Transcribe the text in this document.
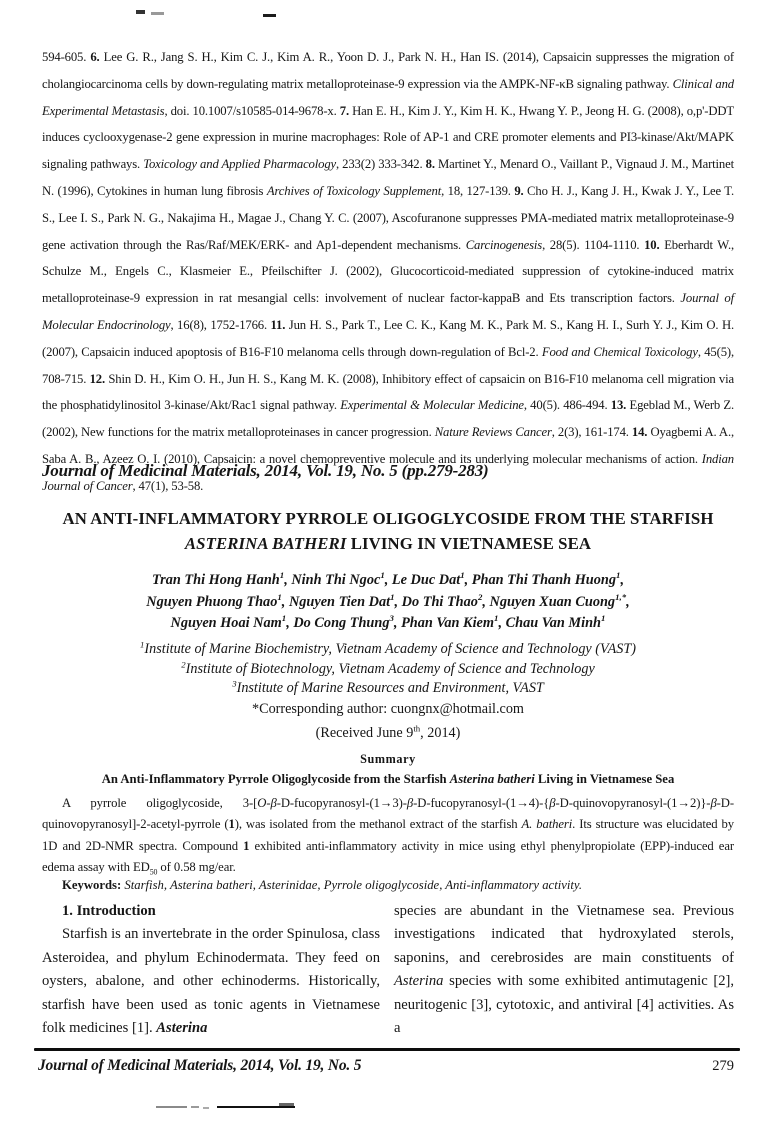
594-605. 6. Lee G. R., Jang S. H., Kim C. J., Kim A. R., Yoon D. J., Park N. H., Han IS. (2014), Capsaicin suppresses the migration of cholangiocarcinoma cells by down-regulating matrix metalloproteinase-9 expression via the AMPK-NF-κB signaling pathway. Clinical and Experimental Metastasis, doi. 10.1007/s10585-014-9678-x. 7. Han E. H., Kim J. Y., Kim H. K., Hwang Y. P., Jeong H. G. (2008), o,p'-DDT induces cyclooxygenase-2 gene expression in murine macrophages: Role of AP-1 and CRE promoter elements and PI3-kinase/Akt/MAPK signaling pathways. Toxicology and Applied Pharmacology, 233(2) 333-342. 8. Martinet Y., Menard O., Vaillant P., Vignaud J. M., Martinet N. (1996), Cytokines in human lung fibrosis Archives of Toxicology Supplement, 18, 127-139. 9. Cho H. J., Kang J. H., Kwak J. Y., Lee T. S., Lee I. S., Park N. G., Nakajima H., Magae J., Chang Y. C. (2007), Ascofuranone suppresses PMA-mediated matrix metalloproteinase-9 gene activation through the Ras/Raf/MEK/ERK- and Ap1-dependent mechanisms. Carcinogenesis, 28(5). 1104-1110. 10. Eberhardt W., Schulze M., Engels C., Klasmeier E., Pfeilschifter J. (2002), Glucocorticoid-mediated suppression of cytokine-induced matrix metalloproteinase-9 expression in rat mesangial cells: involvement of nuclear factor-kappaB and Ets transcription factors. Journal of Molecular Endocrinology, 16(8), 1752-1766. 11. Jun H. S., Park T., Lee C. K., Kang M. K., Park M. S., Kang H. I., Surh Y. J., Kim O. H. (2007), Capsaicin induced apoptosis of B16-F10 melanoma cells through down-regulation of Bcl-2. Food and Chemical Toxicology, 45(5), 708-715. 12. Shin D. H., Kim O. H., Jun H. S., Kang M. K. (2008), Inhibitory effect of capsaicin on B16-F10 melanoma cell migration via the phosphatidylinositol 3-kinase/Akt/Rac1 signal pathway. Experimental & Molecular Medicine, 40(5). 486-494. 13. Egeblad M., Werb Z. (2002), New functions for the matrix metalloproteinases in cancer progression. Nature Reviews Cancer, 2(3), 161-174. 14. Oyagbemi A. A., Saba A. B., Azeez O. I. (2010), Capsaicin: a novel chemopreventive molecule and its underlying molecular mechanisms of action. Indian Journal of Cancer, 47(1), 53-58.
Journal of Medicinal Materials, 2014, Vol. 19, No. 5 (pp.279-283)
AN ANTI-INFLAMMATORY PYRROLE OLIGOGLYCOSIDE FROM THE STARFISH ASTERINA BATHERI LIVING IN VIETNAMESE SEA
Tran Thi Hong Hanh$^1$, Ninh Thi Ngoc$^1$, Le Duc Dat$^1$, Phan Thi Thanh Huong$^1$,
Nguyen Phuong Thao$^1$, Nguyen Tien Dat$^1$, Do Thi Thao$^2$, Nguyen Xuan Cuong$^{1,*}$,
Nguyen Hoai Nam$^1$, Do Cong Thung$^3$, Phan Van Kiem$^1$, Chau Van Minh$^1$
$^1$Institute of Marine Biochemistry, Vietnam Academy of Science and Technology (VAST)
$^2$Institute of Biotechnology, Vietnam Academy of Science and Technology
$^3$Institute of Marine Resources and Environment, VAST
*Corresponding author: cuongnx@hotmail.com
(Received June 9th, 2014)
Summary
An Anti-Inflammatory Pyrrole Oligoglycoside from the Starfish Asterina batheri Living in Vietnamese Sea
A pyrrole oligoglycoside, 3-[O-β-D-fucopyranosyl-(1→3)-β-D-fucopyranosyl-(1→4)-{β-D-quinovopyranosyl-(1→2)}-β-D-quinovopyranosyl]-2-acetyl-pyrrole (1), was isolated from the methanol extract of the starfish A. batheri. Its structure was elucidated by 1D and 2D-NMR spectra. Compound 1 exhibited anti-inflammatory activity in mice using ethyl phenylpropiolate (EPP)-induced ear edema assay with $ED_{50}$ of 0.58 mg/ear.
Keywords: Starfish, Asterina batheri, Asterinidae, Pyrrole oligoglycoside, Anti-inflammatory activity.
1. Introduction

Starfish is an invertebrate in the order Spinulosa, class Asteroidea, and phylum Echinodermata. They feed on oysters, abalone, and other echinoderms. Historically, starfish have been used as tonic agents in Vietnamese folk medicines [1]. Asterina

species are abundant in the Vietnamese sea. Previous investigations indicated that hydroxylated sterols, saponins, and cerebrosides are main constituents of Asterina species with some exhibited antimutagenic [2], neuritogenic [3], cytotoxic, and antiviral [4] activities. As a

Journal of Medicinal Materials, 2014, Vol. 19, No. 5	279
